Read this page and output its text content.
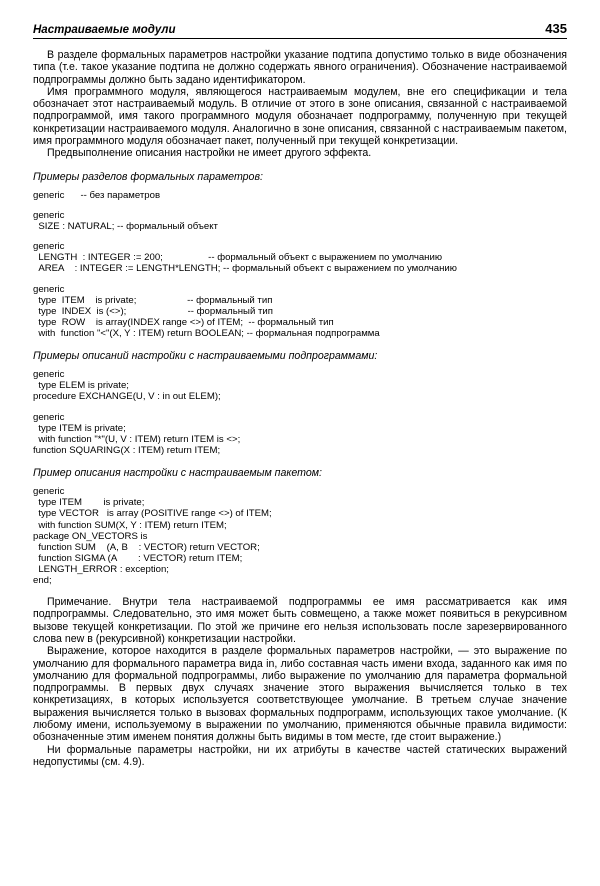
Настраиваемые модули	435

В разделе формальных параметров настройки указание подтипа допустимо только в виде обозначения типа (т.е. такое указание подтипа не должно содержать явного ограничения). Обозначение настраиваемой подпрограммы должно быть задано идентификатором.

Имя программного модуля, являющегося настраиваемым модулем, вне его спецификации и тела обозначает этот настраиваемый модуль. В отличие от этого в зоне описания, связанной с настраиваемой подпрограммой, имя такого программного модуля обозначает подпрограмму, полученную при текущей конкретизации настраиваемого модуля. Аналогично в зоне описания, связанной с настраиваемым пакетом, имя программного модуля обозначает пакет, полученный при текущей конкретизации.

Предвыполнение описания настройки не имеет другого эффекта.

Примеры разделов формальных параметров:
generic      -- без параметров
generic
SIZE : NATURAL; -- формальный объект
generic
LENGTH  : INTEGER := 200;                 -- формальный объект с выражением по умолчанию
AREA    : INTEGER := LENGTH*LENGTH; -- формальный объект с выражением по умолчанию
generic
type  ITEM    is private;                   -- формальный тип
type  INDEX  is (<>);                       -- формальный тип
type  ROW    is array(INDEX range <>) of ITEM;  -- формальный тип
with  function "<"(X, Y : ITEM) return BOOLEAN; -- формальная подпрограмма
Примеры описаний настройки с настраиваемыми подпрограммами:
generic
type ELEM is private;
procedure EXCHANGE(U, V : in out ELEM);
generic
type ITEM is private;
with function "*"(U, V : ITEM) return ITEM is <>;
function SQUARING(X : ITEM) return ITEM;
Пример описания настройки с настраиваемым пакетом:
generic
type ITEM        is private;
type VECTOR   is array (POSITIVE range <>) of ITEM;
with function SUM(X, Y : ITEM) return ITEM;
package ON_VECTORS is
function SUM    (A, B    : VECTOR) return VECTOR;
function SIGMA (A        : VECTOR) return ITEM;
LENGTH_ERROR : exception;
end;

Примечание. Внутри тела настраиваемой подпрограммы ее имя рассматривается как имя подпрограммы. Следовательно, это имя может быть совмещено, а также может появиться в рекурсивном вызове текущей конкретизации. По этой же причине его нельзя использовать после зарезервированного слова new в (рекурсивной) конкретизации настройки.

Выражение, которое находится в разделе формальных параметров настройки, — это выражение по умолчанию для формального параметра вида in, либо составная часть имени входа, заданного как имя по умолчанию для формальной подпрограммы, либо выражение по умолчанию для параметра формальной подпрограммы. В первых двух случаях значение этого выражения вычисляется только в тех конкретизациях, в которых используется соответствующее умолчание. В третьем случае значение выражения вычисляется только в вызовах формальных подпрограмм, использующих такое умолчание. (К любому имени, используемому в выражении по умолчанию, применяются обычные правила видимости: обозначенные этим именем понятия должны быть видимы в том месте, где стоит выражение.)

Ни формальные параметры настройки, ни их атрибуты в качестве частей статических выражений недопустимы (см. 4.9).
